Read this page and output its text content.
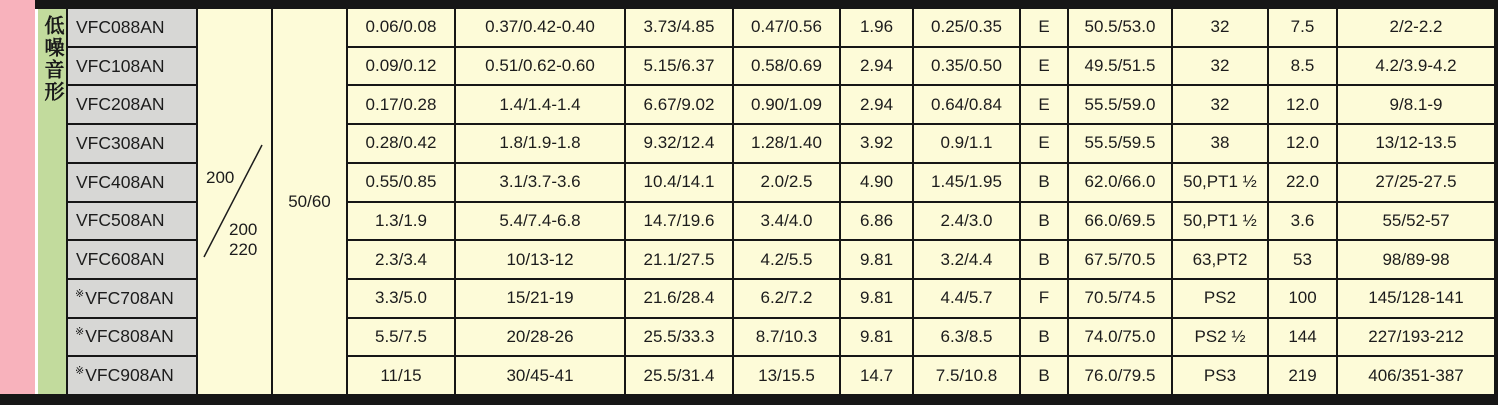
低噪音形
200
200
220
50/60
VFC088AN	0.06/0.08	0.37/0.42-0.40	3.73/4.85	0.47/0.56	1.96	0.25/0.35	E	50.5/53.0	32	7.5	2/2-2.2
VFC108AN	0.09/0.12	0.51/0.62-0.60	5.15/6.37	0.58/0.69	2.94	0.35/0.50	E	49.5/51.5	32	8.5	4.2/3.9-4.2
VFC208AN	0.17/0.28	1.4/1.4-1.4	6.67/9.02	0.90/1.09	2.94	0.64/0.84	E	55.5/59.0	32	12.0	9/8.1-9
VFC308AN	0.28/0.42	1.8/1.9-1.8	9.32/12.4	1.28/1.40	3.92	0.9/1.1	E	55.5/59.5	38	12.0	13/12-13.5
VFC408AN	0.55/0.85	3.1/3.7-3.6	10.4/14.1	2.0/2.5	4.90	1.45/1.95	B	62.0/66.0	50,PT1 ½	22.0	27/25-27.5
VFC508AN	1.3/1.9	5.4/7.4-6.8	14.7/19.6	3.4/4.0	6.86	2.4/3.0	B	66.0/69.5	50,PT1 ½	3.6	55/52-57
VFC608AN	2.3/3.4	10/13-12	21.1/27.5	4.2/5.5	9.81	3.2/4.4	B	67.5/70.5	63,PT2	53	98/89-98
※ VFC708AN	3.3/5.0	15/21-19	21.6/28.4	6.2/7.2	9.81	4.4/5.7	F	70.5/74.5	PS2	100	145/128-141
※ VFC808AN	5.5/7.5	20/28-26	25.5/33.3	8.7/10.3	9.81	6.3/8.5	B	74.0/75.0	PS2 ½	144	227/193-212
※ VFC908AN	11/15	30/45-41	25.5/31.4	13/15.5	14.7	7.5/10.8	B	76.0/79.5	PS3	219	406/351-387
